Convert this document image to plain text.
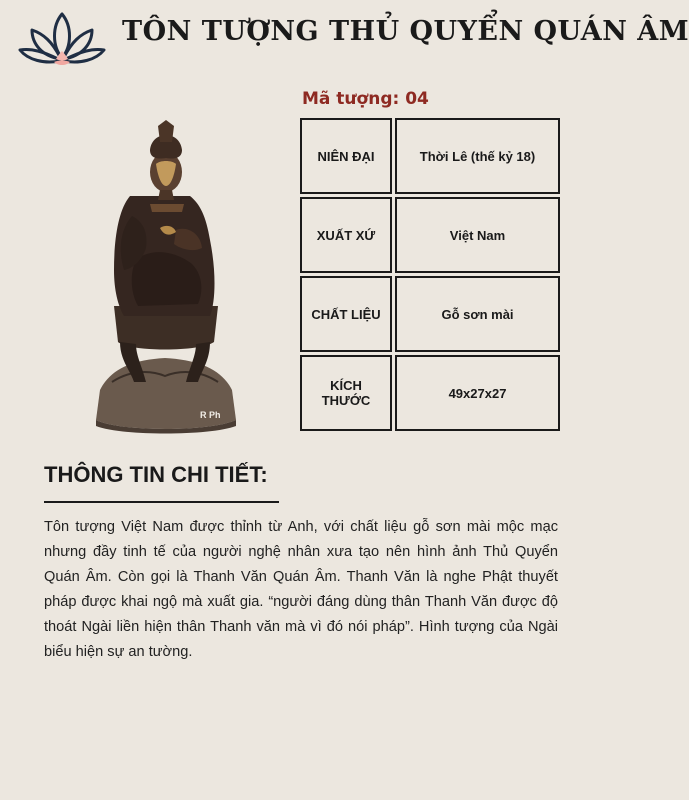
TÔN TƯỢNG THỦ QUYỂN QUÁN ÂM
Mã tượng: 04
R Ph
NIÊN ĐẠI	Thời Lê (thế kỷ 18)
XUẤT XỨ	Việt Nam
CHẤT LIỆU	Gỗ sơn mài
KÍCH THƯỚC	49x27x27
THÔNG TIN CHI TIẾT:
Tôn tượng Việt Nam được thỉnh từ Anh, với chất liệu gỗ sơn mài mộc mạc nhưng đầy tinh tế của người nghệ nhân xưa tạo nên hình ảnh Thủ Quyển Quán Âm. Còn gọi là Thanh Văn Quán Âm. Thanh Văn là nghe Phật thuyết pháp được khai ngộ mà xuất gia. “người đáng dùng thân Thanh Văn được độ thoát Ngài liền hiện thân Thanh văn mà vì đó nói pháp”. Hình tượng của Ngài biểu hiện sự an tường.
